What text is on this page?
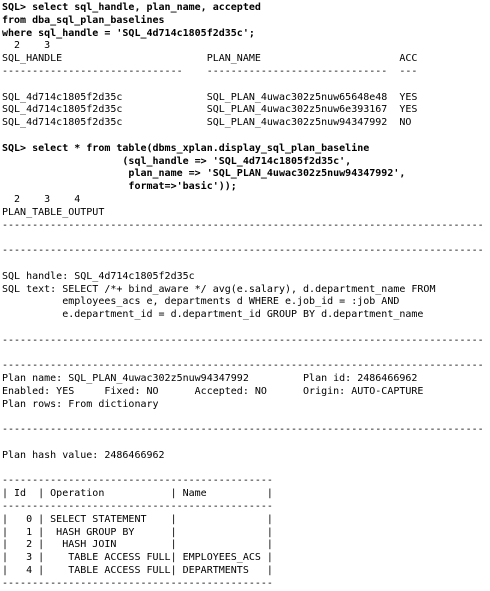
SQL> select sql_handle, plan_name, accepted
from dba_sql_plan_baselines
where sql_handle = 'SQL_4d714c1805f2d35c';
2    3
SQL_HANDLE                        PLAN_NAME                       ACC
------------------------------    ------------------------------  ---
SQL_4d714c1805f2d35c              SQL_PLAN_4uwac302z5nuw65648e48  YES
SQL_4d714c1805f2d35c              SQL_PLAN_4uwac302z5nuw6e393167  YES
SQL_4d714c1805f2d35c              SQL_PLAN_4uwac302z5nuw94347992  NO
SQL> select * from table(dbms_xplan.display_sql_plan_baseline
(sql_handle => 'SQL_4d714c1805f2d35c',
plan_name => 'SQL_PLAN_4uwac302z5nuw94347992',
format=>'basic'));
2    3    4
PLAN_TABLE_OUTPUT
--------------------------------------------------------------------------------
--------------------------------------------------------------------------------
SQL handle: SQL_4d714c1805f2d35c
SQL text: SELECT /*+ bind_aware */ avg(e.salary), d.department_name FROM
employees_acs e, departments d WHERE e.job_id = :job AND
e.department_id = d.department_id GROUP BY d.department_name
--------------------------------------------------------------------------------
--------------------------------------------------------------------------------
Plan name: SQL_PLAN_4uwac302z5nuw94347992         Plan id: 2486466962
Enabled: YES     Fixed: NO      Accepted: NO      Origin: AUTO-CAPTURE
Plan rows: From dictionary
--------------------------------------------------------------------------------
Plan hash value: 2486466962
---------------------------------------------
| Id  | Operation           | Name          |
---------------------------------------------
|   0 | SELECT STATEMENT    |               |
|   1 |  HASH GROUP BY      |               |
|   2 |   HASH JOIN         |               |
|   3 |    TABLE ACCESS FULL| EMPLOYEES_ACS |
|   4 |    TABLE ACCESS FULL| DEPARTMENTS   |
---------------------------------------------
